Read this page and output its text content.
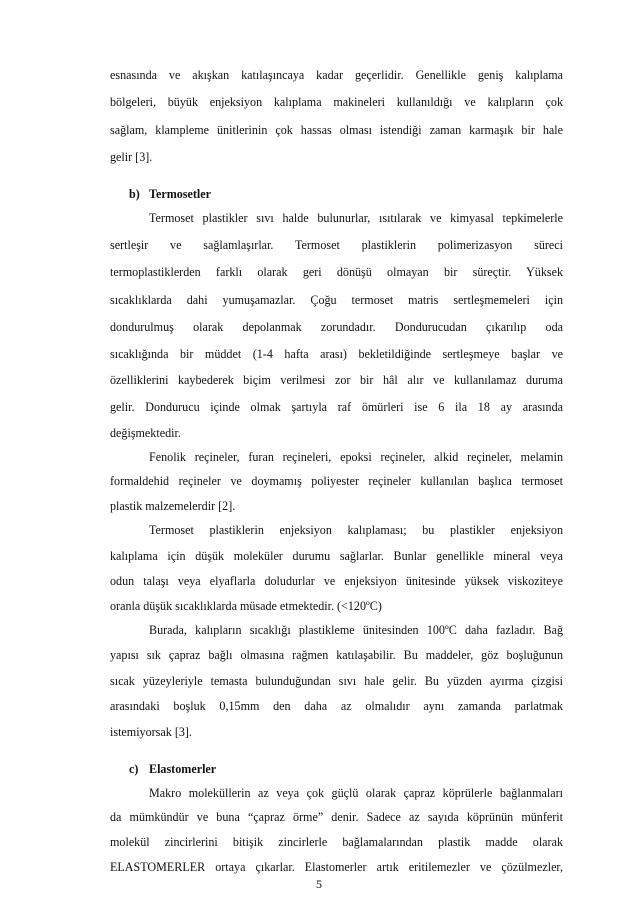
esnasında ve akışkan katılaşıncaya kadar geçerlidir. Genellikle geniş kalıplama
bölgeleri, büyük enjeksiyon kalıplama makineleri kullanıldığı ve kalıpların çok
sağlam, klampleme ünitlerinin çok hassas olması istendiği zaman karmaşık bir hale
gelir [3].
b) Termosetler
Termoset plastikler sıvı halde bulunurlar, ısıtılarak ve kimyasal tepkimelerle
sertleşir ve sağlamlaşırlar. Termoset plastiklerin polimerizasyon süreci
termoplastiklerden farklı olarak geri dönüşü olmayan bir süreçtir. Yüksek
sıcaklıklarda dahi yumuşamazlar. Çoğu termoset matris sertleşmemeleri için
dondurulmuş olarak depolanmak zorundadır. Dondurucudan çıkarılıp oda
sıcaklığında bir müddet (1-4 hafta arası) bekletildiğinde sertleşmeye başlar ve
özelliklerini kaybederek biçim verilmesi zor bir hâl alır ve kullanılamaz duruma
gelir. Dondurucu içinde olmak şartıyla raf ömürleri ise 6 ila 18 ay arasında
değişmektedir.
Fenolik reçineler, furan reçineleri, epoksi reçineler, alkid reçineler, melamin
formaldehid reçineler ve doymamış poliyester reçineler kullanılan başlıca termoset
plastik malzemelerdir [2].
Termoset plastiklerin enjeksiyon kalıplaması; bu plastikler enjeksiyon
kalıplama için düşük moleküler durumu sağlarlar. Bunlar genellikle mineral veya
odun talaşı veya elyaflarla doludurlar ve enjeksiyon ünitesinde yüksek viskoziteye
oranla düşük sıcaklıklarda müsade etmektedir. (<120ºC)
Burada, kalıpların sıcaklığı plastikleme ünitesinden 100ºC daha fazladır. Bağ
yapısı sık çapraz bağlı olmasına rağmen katılaşabilir. Bu maddeler, göz boşluğunun
sıcak yüzeyleriyle temasta bulunduğundan sıvı hale gelir. Bu yüzden ayırma çizgisi
arasındaki boşluk 0,15mm den daha az olmalıdır aynı zamanda parlatmak
istemiyorsak [3].
c) Elastomerler
Makro moleküllerin az veya çok güçlü olarak çapraz köprülerle bağlanmaları
da mümkündür ve buna “çapraz örme” denir. Sadece az sayıda köprünün münferit
molekül zincirlerini bitişik zincirlerle bağlamalarından plastik madde olarak
ELASTOMERLER ortaya çıkarlar. Elastomerler artık eritilemezler ve çözülmezler,
5
